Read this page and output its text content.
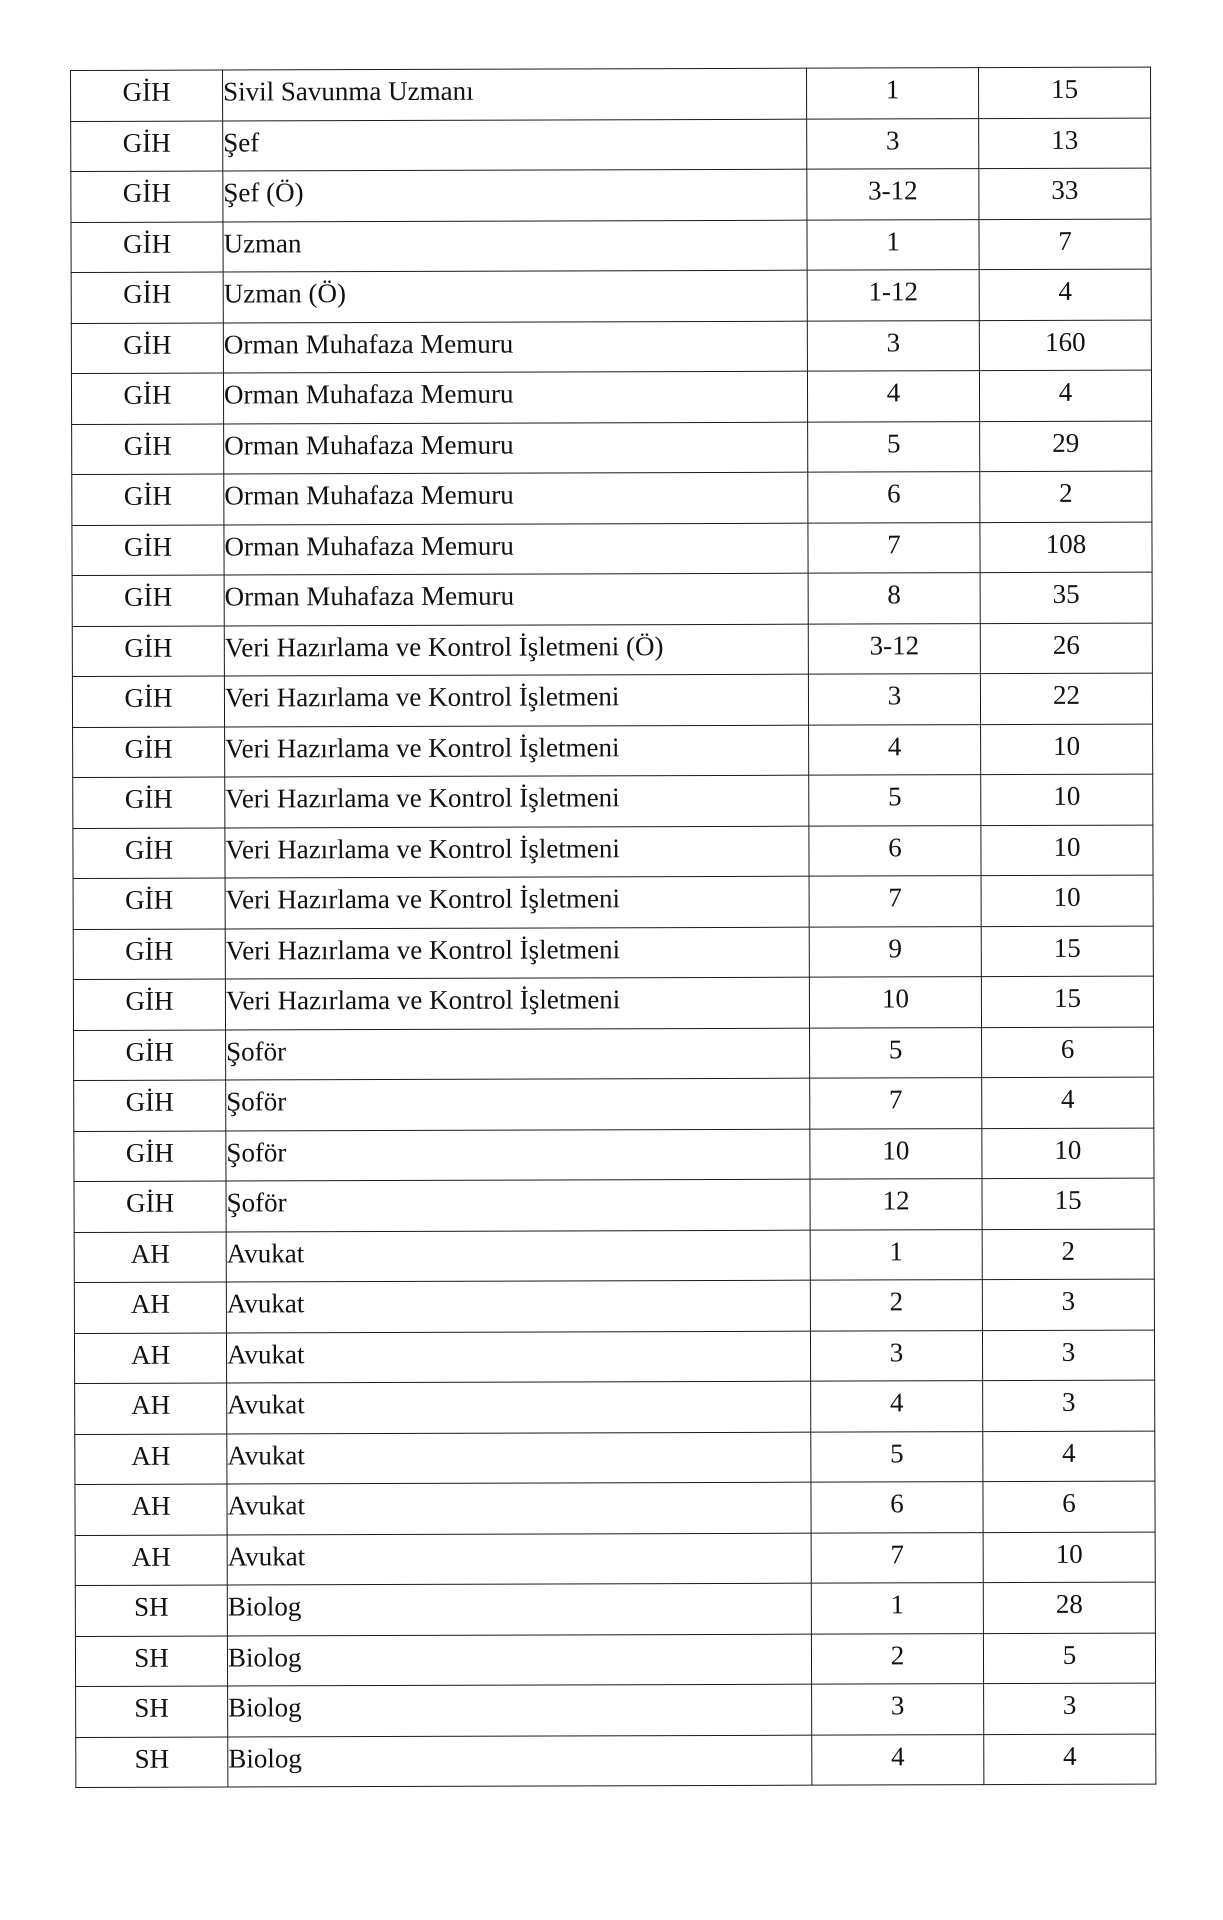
GİH	Sivil Savunma Uzmanı	1	15
GİH	Şef	3	13
GİH	Şef (Ö)	3-12	33
GİH	Uzman	1	7
GİH	Uzman (Ö)	1-12	4
GİH	Orman Muhafaza Memuru	3	160
GİH	Orman Muhafaza Memuru	4	4
GİH	Orman Muhafaza Memuru	5	29
GİH	Orman Muhafaza Memuru	6	2
GİH	Orman Muhafaza Memuru	7	108
GİH	Orman Muhafaza Memuru	8	35
GİH	Veri Hazırlama ve Kontrol İşletmeni (Ö)	3-12	26
GİH	Veri Hazırlama ve Kontrol İşletmeni	3	22
GİH	Veri Hazırlama ve Kontrol İşletmeni	4	10
GİH	Veri Hazırlama ve Kontrol İşletmeni	5	10
GİH	Veri Hazırlama ve Kontrol İşletmeni	6	10
GİH	Veri Hazırlama ve Kontrol İşletmeni	7	10
GİH	Veri Hazırlama ve Kontrol İşletmeni	9	15
GİH	Veri Hazırlama ve Kontrol İşletmeni	10	15
GİH	Şoför	5	6
GİH	Şoför	7	4
GİH	Şoför	10	10
GİH	Şoför	12	15
AH	Avukat	1	2
AH	Avukat	2	3
AH	Avukat	3	3
AH	Avukat	4	3
AH	Avukat	5	4
AH	Avukat	6	6
AH	Avukat	7	10
SH	Biolog	1	28
SH	Biolog	2	5
SH	Biolog	3	3
SH	Biolog	4	4
